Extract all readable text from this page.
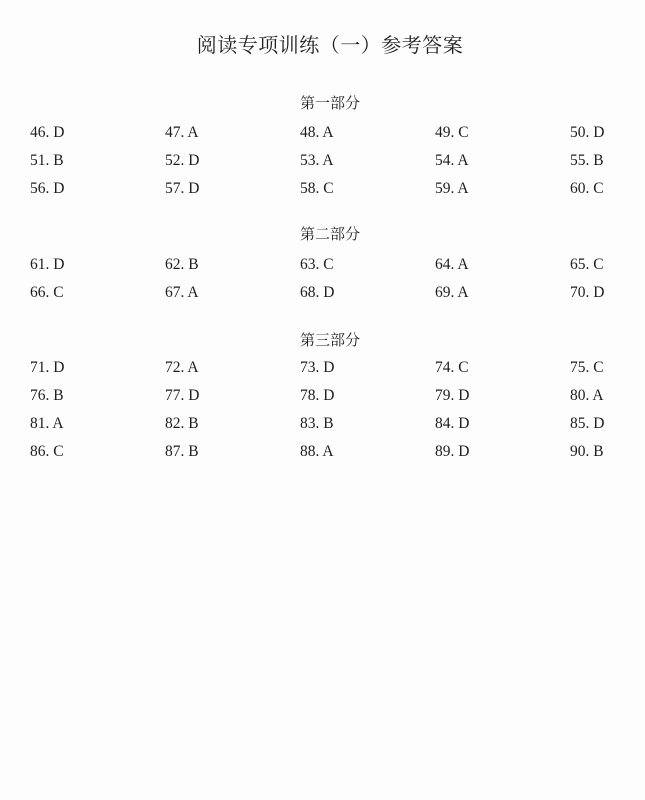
阅读专项训练（一）参考答案
第一部分
46. D	47. A	48. A	49. C	50. D
51. B	52. D	53. A	54. A	55. B
56. D	57. D	58. C	59. A	60. C
第二部分
61. D	62. B	63. C	64. A	65. C
66. C	67. A	68. D	69. A	70. D
第三部分
71. D	72. A	73. D	74. C	75. C
76. B	77. D	78. D	79. D	80. A
81. A	82. B	83. B	84. D	85. D
86. C	87. B	88. A	89. D	90. B
